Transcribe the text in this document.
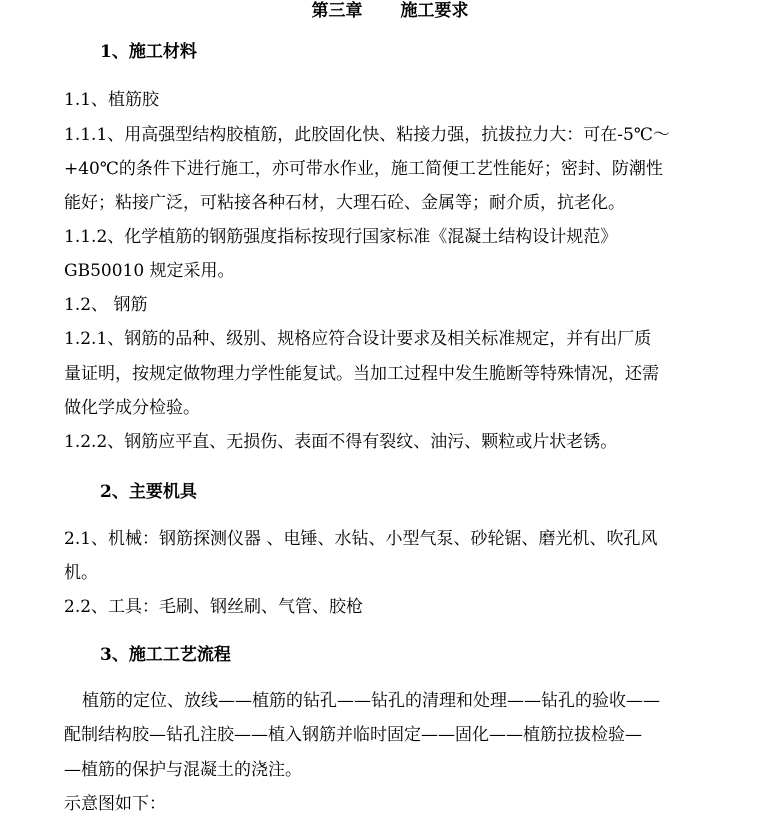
第三章 施工要求
1、施工材料
1.1、植筋胶
1.1.1、用高强型结构胶植筋，此胶固化快、粘接力强，抗拔拉力大：可在-5℃～
+40℃的条件下进行施工，亦可带水作业，施工简便工艺性能好；密封、防潮性
能好；粘接广泛，可粘接各种石材，大理石砼、金属等；耐介质，抗老化。
1.1.2、化学植筋的钢筋强度指标按现行国家标准《混凝土结构设计规范》
GB50010 规定采用。
1.2、 钢筋
1.2.1、钢筋的品种、级别、规格应符合设计要求及相关标准规定，并有出厂质
量证明，按规定做物理力学性能复试。当加工过程中发生脆断等特殊情况，还需
做化学成分检验。
1.2.2、钢筋应平直、无损伤、表面不得有裂纹、油污、颗粒或片状老锈。
2、主要机具
2.1、机械：钢筋探测仪器 、电锤、水钻、小型气泵、砂轮锯、磨光机、吹孔风
机。
2.2、工具：毛刷、钢丝刷、气管、胶枪
3、施工工艺流程
植筋的定位、放线——植筋的钻孔——钻孔的清理和处理——钻孔的验收——
配制结构胶—钻孔注胶——植入钢筋并临时固定——固化——植筋拉拔检验—
—植筋的保护与混凝土的浇注。
示意图如下：
